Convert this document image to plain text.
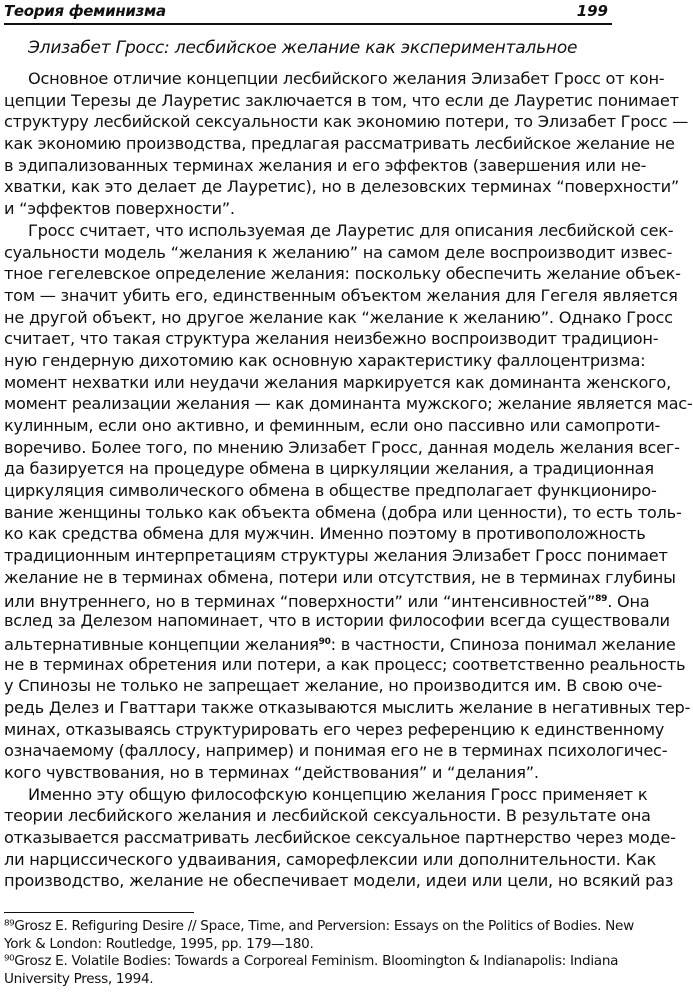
Теория феминизма	199
Элизабет Гросс: лесбийское желание как экспериментальное
Основное отличие концепции лесбийского желания Элизабет Гросс от кон-
цепции Терезы де Лауретис заключается в том, что если де Лауретис понимает
структуру лесбийской сексуальности как экономию потери, то Элизабет Гросс —
как экономию производства, предлагая рассматривать лесбийское желание не
в эдипализованных терминах желания и его эффектов (завершения или не-
хватки, как это делает де Лауретис), но в делезовских терминах “поверхности”
и “эффектов поверхности”.
Гросс считает, что используемая де Лауретис для описания лесбийской сек-
суальности модель “желания к желанию” на самом деле воспроизводит извес-
тное гегелевское определение желания: поскольку обеспечить желание объек-
том — значит убить его, единственным объектом желания для Гегеля является
не другой объект, но другое желание как “желание к желанию”. Однако Гросс
считает, что такая структура желания неизбежно воспроизводит традицион-
ную гендерную дихотомию как основную характеристику фаллоцентризма:
момент нехватки или неудачи желания маркируется как доминанта женского,
момент реализации желания — как доминанта мужского; желание является мас-
кулинным, если оно активно, и феминным, если оно пассивно или самопроти-
воречиво. Более того, по мнению Элизабет Гросс, данная модель желания всег-
да базируется на процедуре обмена в циркуляции желания, а традиционная
циркуляция символического обмена в обществе предполагает функциониро-
вание женщины только как объекта обмена (добра или ценности), то есть толь-
ко как средства обмена для мужчин. Именно поэтому в противоположность
традиционным интерпретациям структуры желания Элизабет Гросс понимает
желание не в терминах обмена, потери или отсутствия, не в терминах глубины
или внутреннего, но в терминах “поверхности” или “интенсивностей”$^{89}$. Она
вслед за Делезом напоминает, что в истории философии всегда существовали
альтернативные концепции желания$^{90}$: в частности, Спиноза понимал желание
не в терминах обретения или потери, а как процесс; соответственно реальность
у Спинозы не только не запрещает желание, но производится им. В свою оче-
редь Делез и Гваттари также отказываются мыслить желание в негативных тер-
минах, отказываясь структурировать его через референцию к единственному
означаемому (фаллосу, например) и понимая его не в терминах психологичес-
кого чувствования, но в терминах “действования” и “делания”.
Именно эту общую философскую концепцию желания Гросс применяет к
теории лесбийского желания и лесбийской сексуальности. В результате она
отказывается рассматривать лесбийское сексуальное партнерство через моде-
ли нарциссического удваивания, саморефлексии или дополнительности. Как
производство, желание не обеспечивает модели, идеи или цели, но всякий раз
⁸⁹Grosz E. Refiguring Desire // Space, Time, and Perversion: Essays on the Politics of Bodies. New
York & London: Routledge, 1995, pp. 179—180.
⁹⁰Grosz E. Volatile Bodies: Towards a Corporeal Feminism. Bloomington & Indianapolis: Indiana
University Press, 1994.
